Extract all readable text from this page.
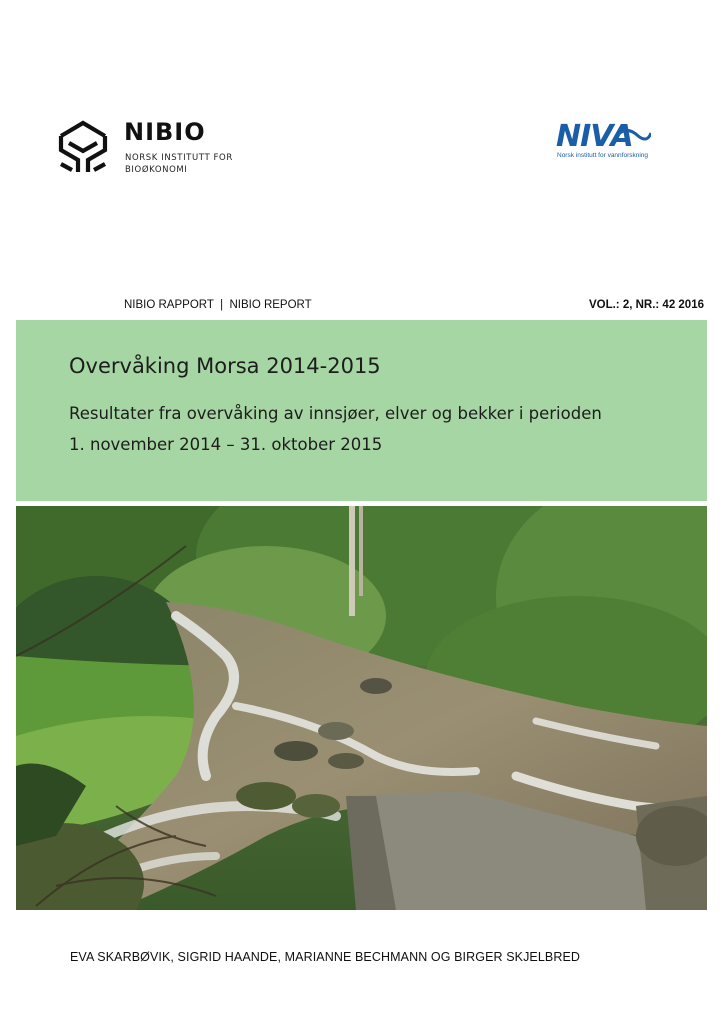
NIBIO
NORSK INSTITUTT FOR
BIOØKONOMI
NIVA
Norsk institutt for vannforskning
NIBIO RAPPORT  |  NIBIO REPORT	VOL.: 2, NR.: 42 2016
Overvåking Morsa 2014-2015
Resultater fra overvåking av innsjøer, elver og bekker i perioden
1. november 2014 – 31. oktober 2015
EVA SKARBØVIK, SIGRID HAANDE, MARIANNE BECHMANN OG BIRGER SKJELBRED
